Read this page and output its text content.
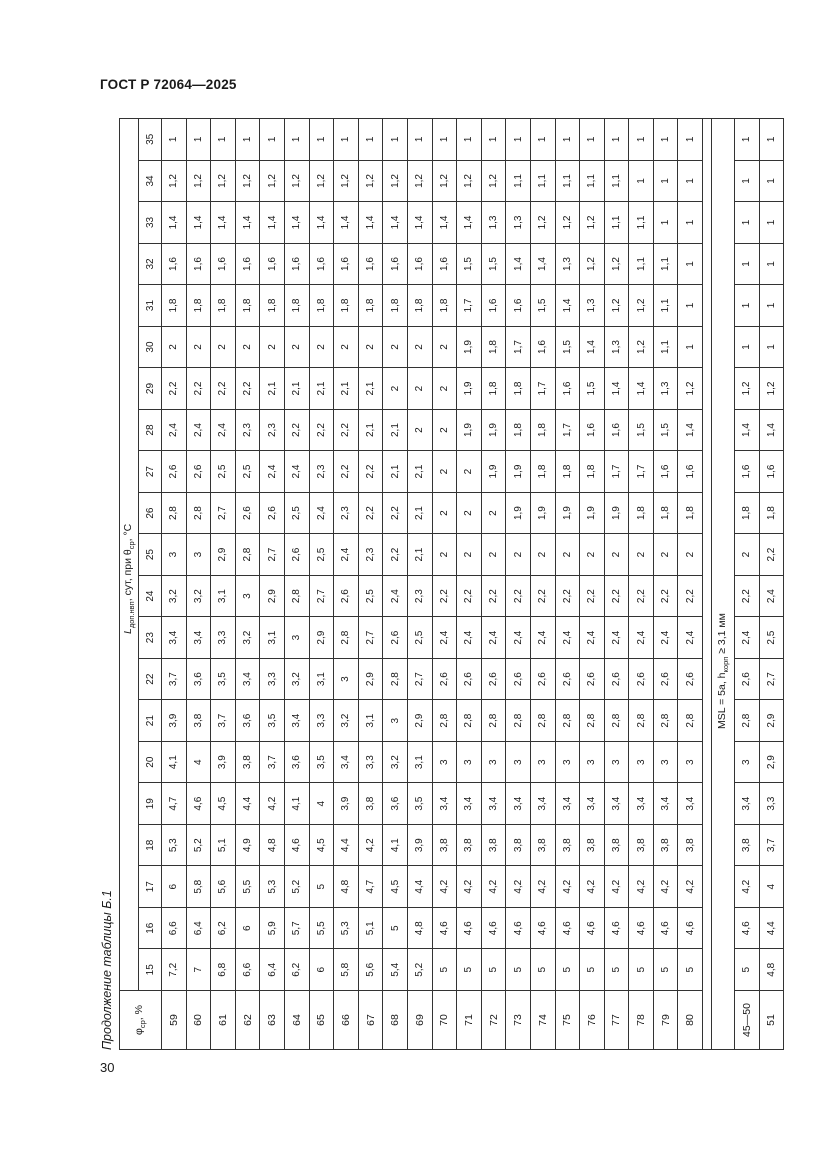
ГОСТ Р 72064—2025
Продолжение таблицы Б.1	$\varphi_{ср}$, %	$L_{доп.нвп}$, сут, при $\theta_{ср}$, °С																				
	15	16	17	18	19	20	21	22	23	24	25	26	27	28	29	30	31	32	33	34	35
59	7,2	6,6	6	5,3	4,7	4,1	3,9	3,7	3,4	3,2	3	2,8	2,6	2,4	2,2	2	1,8	1,6	1,4	1,2	1
60	7	6,4	5,8	5,2	4,6	4	3,8	3,6	3,4	3,2	3	2,8	2,6	2,4	2,2	2	1,8	1,6	1,4	1,2	1
61	6,8	6,2	5,6	5,1	4,5	3,9	3,7	3,5	3,3	3,1	2,9	2,7	2,5	2,4	2,2	2	1,8	1,6	1,4	1,2	1
62	6,6	6	5,5	4,9	4,4	3,8	3,6	3,4	3,2	3	2,8	2,6	2,5	2,3	2,2	2	1,8	1,6	1,4	1,2	1
63	6,4	5,9	5,3	4,8	4,2	3,7	3,5	3,3	3,1	2,9	2,7	2,6	2,4	2,3	2,1	2	1,8	1,6	1,4	1,2	1
64	6,2	5,7	5,2	4,6	4,1	3,6	3,4	3,2	3	2,8	2,6	2,5	2,4	2,2	2,1	2	1,8	1,6	1,4	1,2	1
65	6	5,5	5	4,5	4	3,5	3,3	3,1	2,9	2,7	2,5	2,4	2,3	2,2	2,1	2	1,8	1,6	1,4	1,2	1
66	5,8	5,3	4,8	4,4	3,9	3,4	3,2	3	2,8	2,6	2,4	2,3	2,2	2,2	2,1	2	1,8	1,6	1,4	1,2	1
67	5,6	5,1	4,7	4,2	3,8	3,3	3,1	2,9	2,7	2,5	2,3	2,2	2,2	2,1	2,1	2	1,8	1,6	1,4	1,2	1
68	5,4	5	4,5	4,1	3,6	3,2	3	2,8	2,6	2,4	2,2	2,2	2,1	2,1	2	2	1,8	1,6	1,4	1,2	1
69	5,2	4,8	4,4	3,9	3,5	3,1	2,9	2,7	2,5	2,3	2,1	2,1	2,1	2	2	2	1,8	1,6	1,4	1,2	1
70	5	4,6	4,2	3,8	3,4	3	2,8	2,6	2,4	2,2	2	2	2	2	2	2	1,8	1,6	1,4	1,2	1
71	5	4,6	4,2	3,8	3,4	3	2,8	2,6	2,4	2,2	2	2	2	1,9	1,9	1,9	1,7	1,5	1,4	1,2	1
72	5	4,6	4,2	3,8	3,4	3	2,8	2,6	2,4	2,2	2	2	1,9	1,9	1,8	1,8	1,6	1,5	1,3	1,2	1
73	5	4,6	4,2	3,8	3,4	3	2,8	2,6	2,4	2,2	2	1,9	1,9	1,8	1,8	1,7	1,6	1,4	1,3	1,1	1
74	5	4,6	4,2	3,8	3,4	3	2,8	2,6	2,4	2,2	2	1,9	1,8	1,8	1,7	1,6	1,5	1,4	1,2	1,1	1
75	5	4,6	4,2	3,8	3,4	3	2,8	2,6	2,4	2,2	2	1,9	1,8	1,7	1,6	1,5	1,4	1,3	1,2	1,1	1
76	5	4,6	4,2	3,8	3,4	3	2,8	2,6	2,4	2,2	2	1,9	1,8	1,6	1,5	1,4	1,3	1,2	1,2	1,1	1
77	5	4,6	4,2	3,8	3,4	3	2,8	2,6	2,4	2,2	2	1,9	1,7	1,6	1,4	1,3	1,2	1,2	1,1	1,1	1
78	5	4,6	4,2	3,8	3,4	3	2,8	2,6	2,4	2,2	2	1,8	1,7	1,5	1,4	1,2	1,2	1,1	1,1	1	1
79	5	4,6	4,2	3,8	3,4	3	2,8	2,6	2,4	2,2	2	1,8	1,6	1,5	1,3	1,1	1,1	1,1	1	1	1
80	5	4,6	4,2	3,8	3,4	3	2,8	2,6	2,4	2,2	2	1,8	1,6	1,4	1,2	1	1	1	1	1	1

MSL = 5a, $h_{корп} \ge 3,1$ мм																					
45—50	5	4,6	4,2	3,8	3,4	3	2,8	2,6	2,4	2,2	2	1,8	1,6	1,4	1,2	1	1	1	1	1	1
51	4,8	4,4	4	3,7	3,3	2,9	2,9	2,7	2,5	2,4	2,2	1,8	1,6	1,4	1,2	1	1	1	1	1	1
30
